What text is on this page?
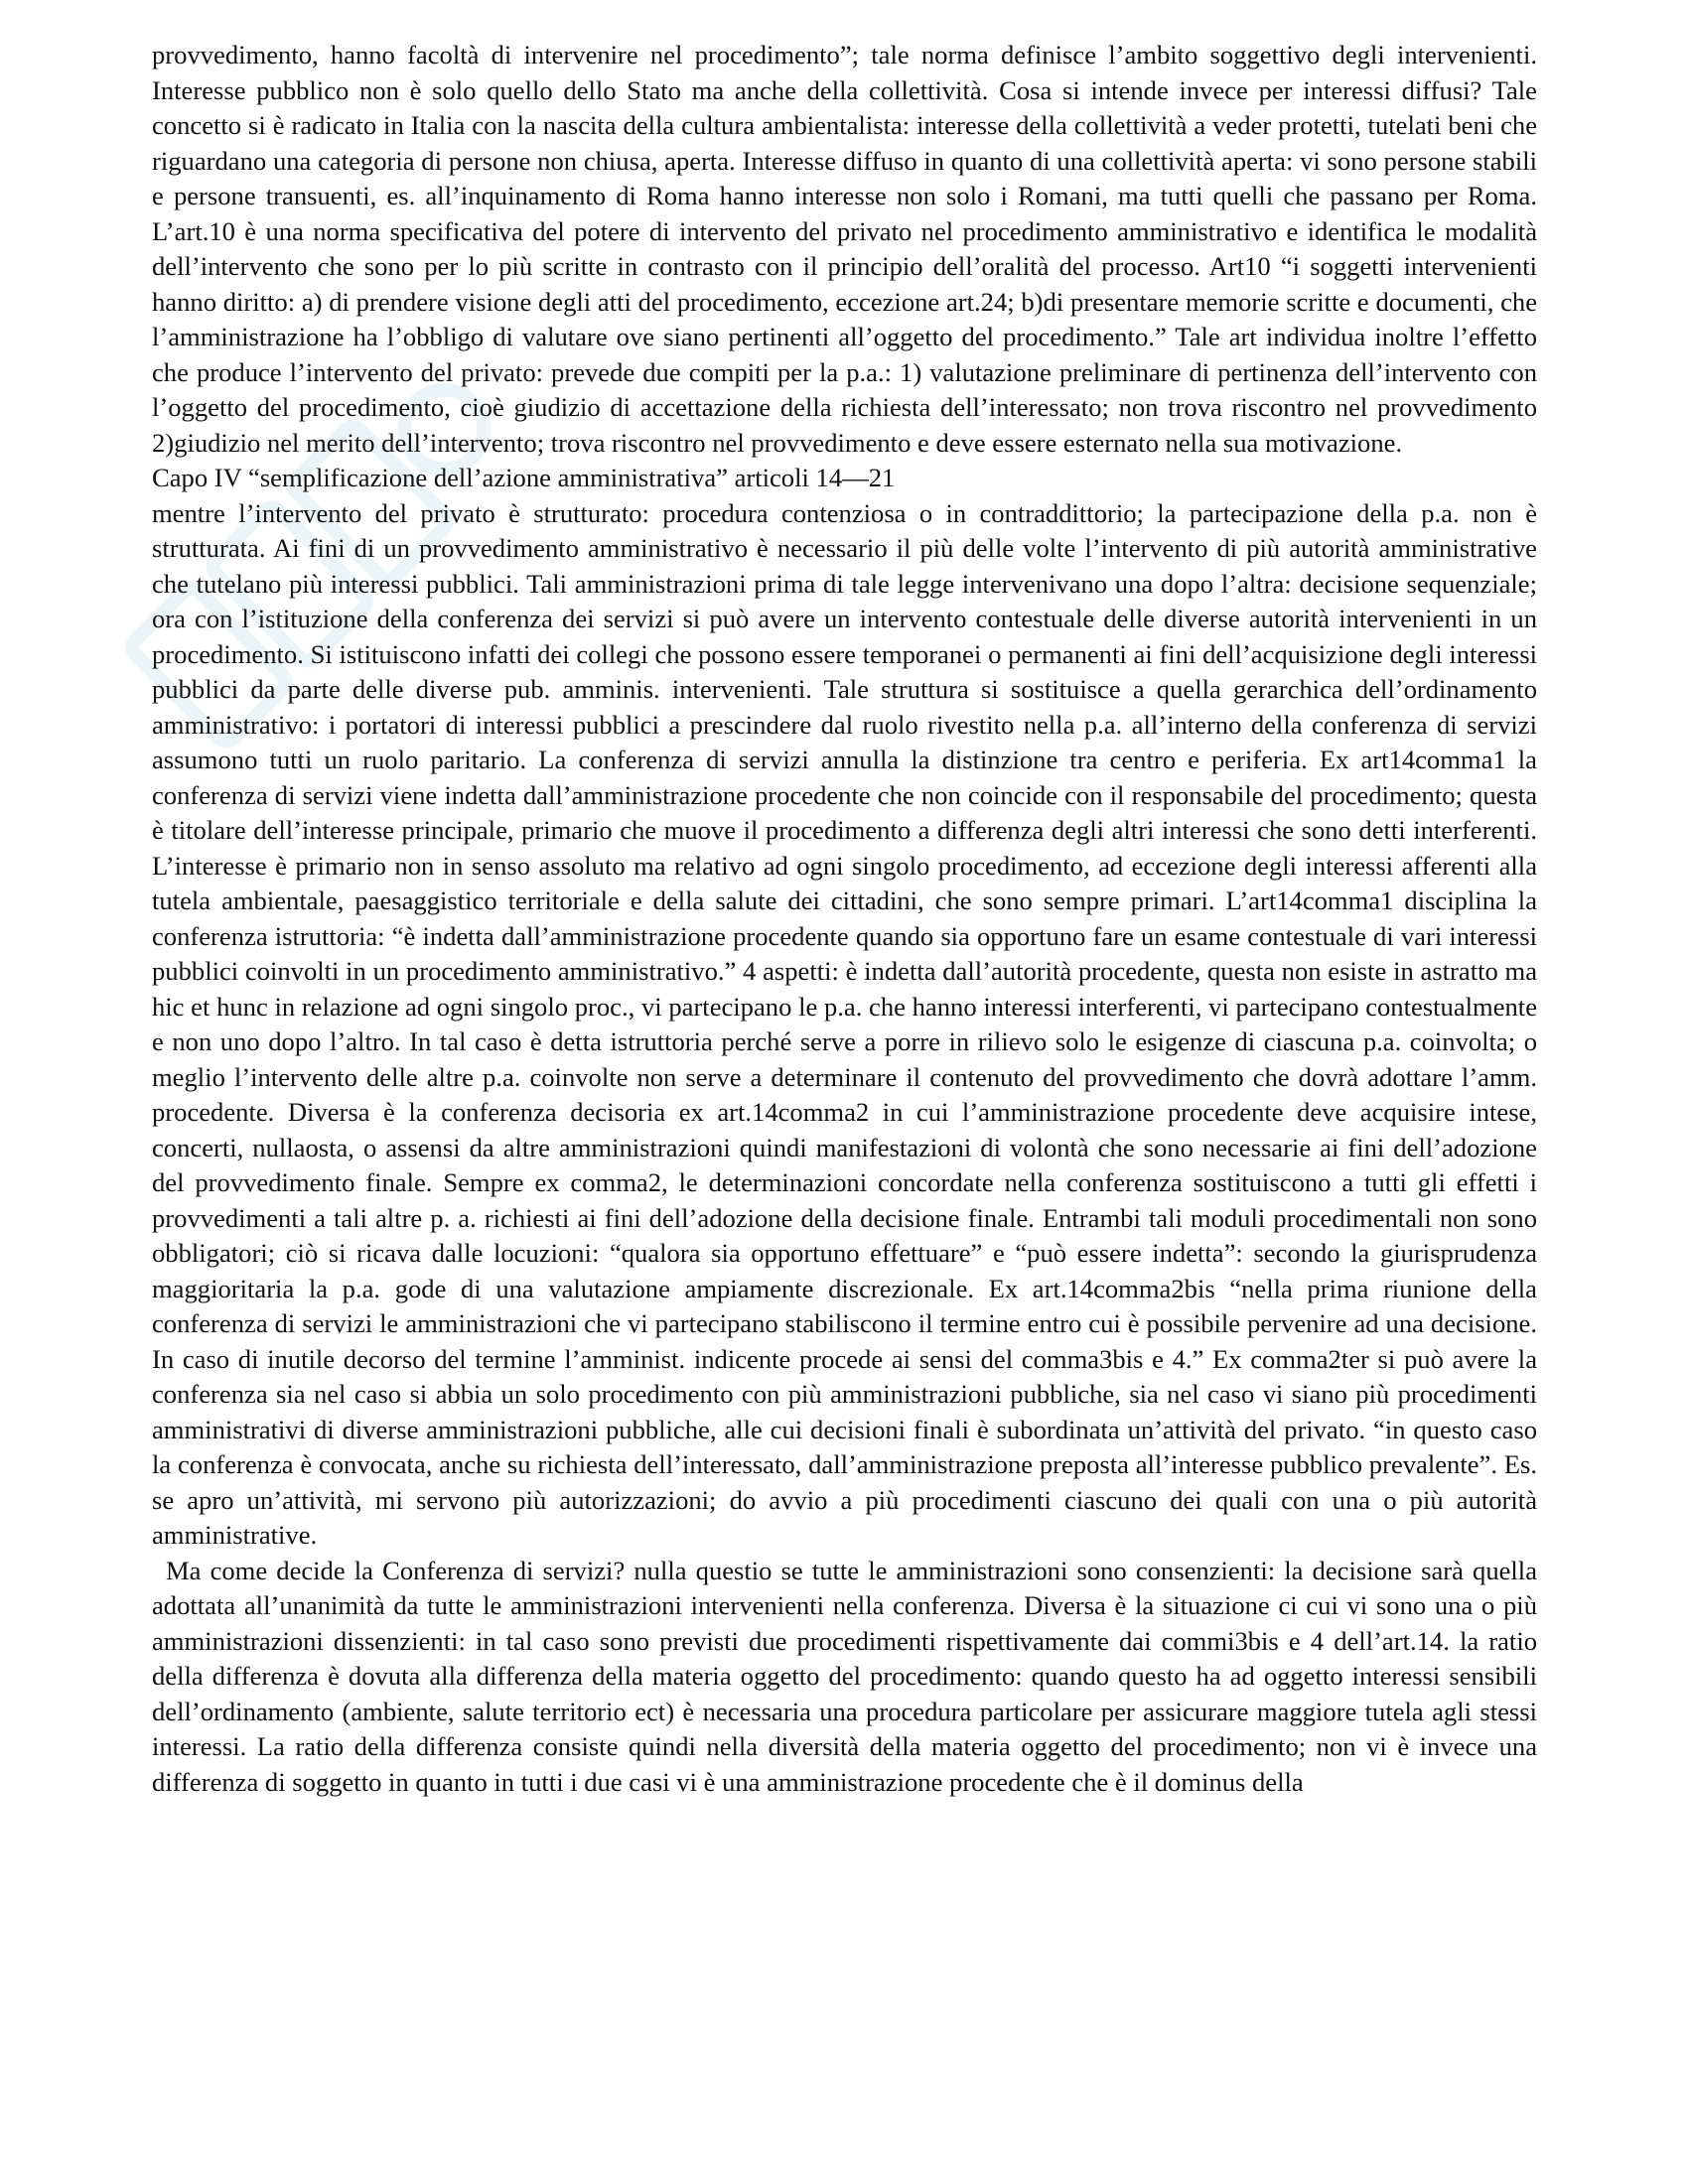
provvedimento, hanno facoltà di intervenire nel procedimento”; tale norma definisce l’ambito soggettivo degli intervenienti. Interesse pubblico non è solo quello dello Stato ma anche della collettività. Cosa si intende invece per interessi diffusi? Tale concetto si è radicato in Italia con la nascita della cultura ambientalista: interesse della collettività a veder protetti, tutelati beni che riguardano una categoria di persone non chiusa, aperta. Interesse diffuso in quanto di una collettività aperta: vi sono persone stabili e persone transuenti, es. all’inquinamento di Roma hanno interesse non solo i Romani, ma tutti quelli che passano per Roma. L’art.10 è una norma specificativa del potere di intervento del privato nel procedimento amministrativo e identifica le modalità dell’intervento che sono per lo più scritte in contrasto con il principio dell’oralità del processo. Art10 “i soggetti intervenienti hanno diritto: a) di prendere visione degli atti del procedimento, eccezione art.24; b)di presentare memorie scritte e documenti, che l’amministrazione ha l’obbligo di valutare ove siano pertinenti all’oggetto del procedimento.” Tale art individua inoltre l’effetto che produce l’intervento del privato: prevede due compiti per la p.a.: 1) valutazione preliminare di pertinenza dell’intervento con l’oggetto del procedimento, cioè giudizio di accettazione della richiesta dell’interessato; non trova riscontro nel provvedimento 2)giudizio nel merito dell’intervento; trova riscontro nel provvedimento e deve essere esternato nella sua motivazione.

Capo IV “semplificazione dell’azione amministrativa” articoli 14—21

mentre l’intervento del privato è strutturato: procedura contenziosa o in contraddittorio; la partecipazione della p.a. non è strutturata. Ai fini di un provvedimento amministrativo è necessario il più delle volte l’intervento di più autorità amministrative che tutelano più interessi pubblici. Tali amministrazioni prima di tale legge intervenivano una dopo l’altra: decisione sequenziale; ora con l’istituzione della conferenza dei servizi si può avere un intervento contestuale delle diverse autorità intervenienti in un procedimento. Si istituiscono infatti dei collegi che possono essere temporanei o permanenti ai fini dell’acquisizione degli interessi pubblici da parte delle diverse pub. amminis. intervenienti. Tale struttura si sostituisce a quella gerarchica dell’ordinamento amministrativo: i portatori di interessi pubblici a prescindere dal ruolo rivestito nella p.a. all’interno della conferenza di servizi assumono tutti un ruolo paritario. La conferenza di servizi annulla la distinzione tra centro e periferia. Ex art14comma1 la conferenza di servizi viene indetta dall’amministrazione procedente che non coincide con il responsabile del procedimento; questa è titolare dell’interesse principale, primario che muove il procedimento a differenza degli altri interessi che sono detti interferenti. L’interesse è primario non in senso assoluto ma relativo ad ogni singolo procedimento, ad eccezione degli interessi afferenti alla tutela ambientale, paesaggistico territoriale e della salute dei cittadini, che sono sempre primari. L’art14comma1 disciplina la conferenza istruttoria: “è indetta dall’amministrazione procedente quando sia opportuno fare un esame contestuale di vari interessi pubblici coinvolti in un procedimento amministrativo.” 4 aspetti: è indetta dall’autorità procedente, questa non esiste in astratto ma hic et hunc in relazione ad ogni singolo proc., vi partecipano le p.a. che hanno interessi interferenti, vi partecipano contestualmente e non uno dopo l’altro. In tal caso è detta istruttoria perché serve a porre in rilievo solo le esigenze di ciascuna p.a. coinvolta; o meglio l’intervento delle altre p.a. coinvolte non serve a determinare il contenuto del provvedimento che dovrà adottare l’amm. procedente. Diversa è la conferenza decisoria ex art.14comma2 in cui l’amministrazione procedente deve acquisire intese, concerti, nullaosta, o assensi da altre amministrazioni quindi manifestazioni di volontà che sono necessarie ai fini dell’adozione del provvedimento finale. Sempre ex comma2, le determinazioni concordate nella conferenza sostituiscono a tutti gli effetti i provvedimenti a tali altre p. a. richiesti ai fini dell’adozione della decisione finale. Entrambi tali moduli procedimentali non sono obbligatori; ciò si ricava dalle locuzioni: “qualora sia opportuno effettuare” e “può essere indetta”: secondo la giurisprudenza maggioritaria la p.a. gode di una valutazione ampiamente discrezionale. Ex art.14comma2bis “nella prima riunione della conferenza di servizi le amministrazioni che vi partecipano stabiliscono il termine entro cui è possibile pervenire ad una decisione. In caso di inutile decorso del termine l’amminist. indicente procede ai sensi del comma3bis e 4.” Ex comma2ter si può avere la conferenza sia nel caso si abbia un solo procedimento con più amministrazioni pubbliche, sia nel caso vi siano più procedimenti amministrativi di diverse amministrazioni pubbliche, alle cui decisioni finali è subordinata un’attività del privato. “in questo caso la conferenza è convocata, anche su richiesta dell’interessato, dall’amministrazione preposta all’interesse pubblico prevalente”. Es. se apro un’attività, mi servono più autorizzazioni; do avvio a più procedimenti ciascuno dei quali con una o più autorità amministrative.

Ma come decide la Conferenza di servizi? nulla questio se tutte le amministrazioni sono consenzienti: la decisione sarà quella adottata all’unanimità da tutte le amministrazioni intervenienti nella conferenza. Diversa è la situazione ci cui vi sono una o più amministrazioni dissenzienti: in tal caso sono previsti due procedimenti rispettivamente dai commi3bis e 4 dell’art.14. la ratio della differenza è dovuta alla differenza della materia oggetto del procedimento: quando questo ha ad oggetto interessi sensibili dell’ordinamento (ambiente, salute territorio ect) è necessaria una procedura particolare per assicurare maggiore tutela agli stessi interessi. La ratio della differenza consiste quindi nella diversità della materia oggetto del procedimento; non vi è invece una differenza di soggetto in quanto in tutti i due casi vi è una amministrazione procedente che è il dominus della
